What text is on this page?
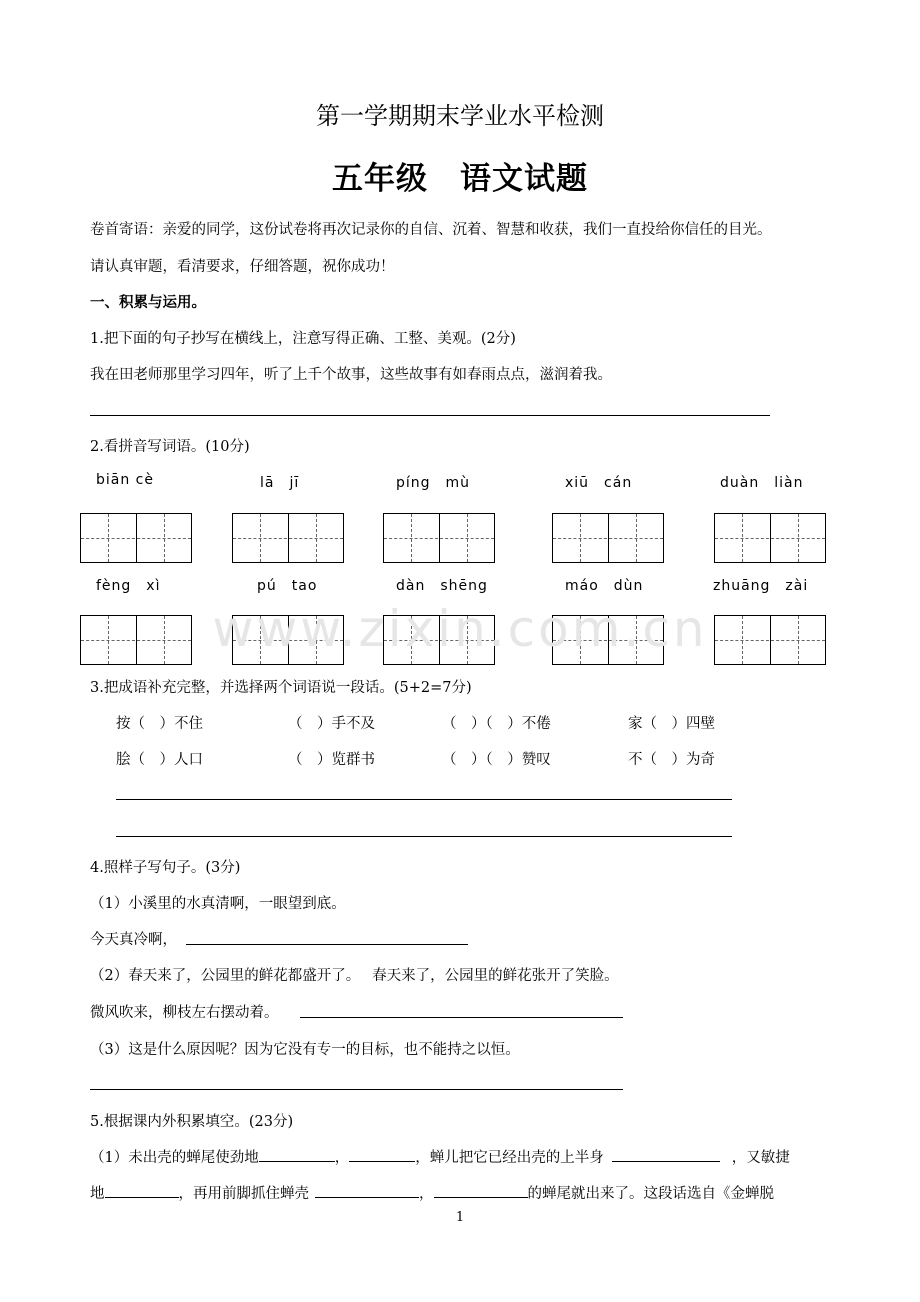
第一学期期末学业水平检测
五年级　语文试题
卷首寄语：亲爱的同学，这份试卷将再次记录你的自信、沉着、智慧和收获，我们一直投给你信任的目光。
请认真审题，看清要求，仔细答题，祝你成功！
一、积累与运用。
1.把下面的句子抄写在横线上，注意写得正确、工整、美观。(2分)
我在田老师那里学习四年，听了上千个故事，这些故事有如春雨点点，滋润着我。
2.看拼音写词语。(10分)
biān cè	lā　jī	píng　mù	xiū　cán	duàn　liàn
fèng　xì	pú　tao	dàn　shēng	máo　dùn	zhuāng　zài
www.zixin.com.cn
3.把成语补充完整，并选择两个词语说一段话。(5+2=7分)
按（　）不住	（　）手不及	（　）（　）不倦	家（　）四壁
脍（　）人口	（　）览群书	（　）（　）赞叹	不（　）为奇
4.照样子写句子。(3分)
（1）小溪里的水真清啊，一眼望到底。
今天真冷啊，
（2）春天来了，公园里的鲜花都盛开了。　 春天来了，公园里的鲜花张开了笑脸。
微风吹来，柳枝左右摆动着。
（3）这是什么原因呢？因为它没有专一的目标，也不能持之以恒。
5.根据课内外积累填空。(23分)
（1）未出壳的蝉尾使劲地	，	，蝉儿把它已经出壳的上半身	，又敏捷
地	，再用前脚抓住蝉壳	，	的蝉尾就出来了。这段话选自《金蝉脱
1
